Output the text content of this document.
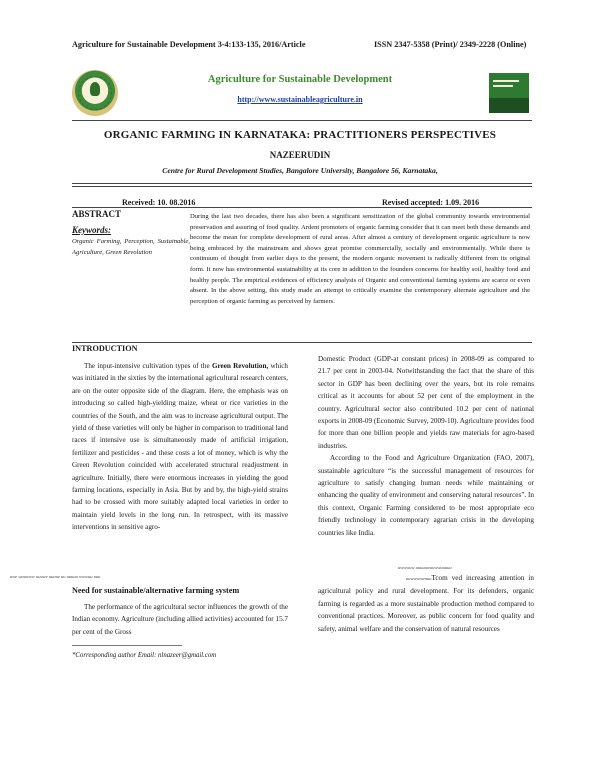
Agriculture for Sustainable Development 3-4:133-135, 2016/Article	ISSN 2347-5358 (Print)/ 2349-2228 (Online)
Agriculture for Sustainable Development
http://www.sustainableagriculture.in
ORGANIC FARMING IN KARNATAKA: PRACTITIONERS PERSPECTIVES
NAZEERUDIN
Centre for Rural Development Studies, Bangalore University, Bangalore 56, Karnataka,
Received: 10. 08.2016	Revised accepted: 1.09. 2016
ABSTRACT
Keywords:
Organic Farming, Perception, Sustainable, Agriculture, Green Revolution
During the last two decades, there has also been a significant sensitization of the global community towards environmental preservation and assuring of food quality. Ardent promoters of organic farming consider that it can meet both these demands and become the mean for complete development of rural areas. After almost a century of development organic agriculture is now being embraced by the mainstream and shows great promise commercially, socially and environmentally. While there is continuum of thought from earlier days to the present, the modern organic movement is radically different from its original form. It now has environmental sustainability at its core in addition to the founders concerns for healthy soil, healthy food and healthy people. The empirical evidences of efficiency analysis of Organic and conventional farming systems are scarce or even absent. In the above setting, this study made an attempt to critically examine the contemporary alternate agriculture and the perception of organic farming as perceived by farmers.
INTRODUCTION

The input-intensive cultivation types of the Green Revolution, which was initiated in the sixties by the international agricultural research centers, are on the outer opposite side of the diagram. Here, the emphasis was on introducing so called high-yielding maize, wheat or rice varieties in the countries of the South, and the aim was to increase agricultural output. The yield of these varieties will only be higher in comparison to traditional land races if intensive use is simultaneously made of artificial irrigation, fertilizer and pesticides - and these costs a lot of money, which is why the Green Revolution coincided with accelerated structural readjustment in agriculture. Initially, there were enormous increases in yielding the good farming locations, especially in Asia. But by and by, the high-yield strains had to be crossed with more suitably adapted local varieties in order to maintain yield levels in the long run. In retrospect, with its massive interventions in sensitive agro-

uwe wauwww uuuwe uuuue uu uuuuu wwwuu uuu
Need for sustainable/alternative farming system

The performance of the agricultural sector influences the growth of the Indian economy. Agriculture (including allied activities) accounted for 15.7 per cent of the Gross

Domestic Product (GDP-at constant prices) in 2008-09 as compared to 21.7 per cent in 2003-04. Notwithstanding the fact that the share of this sector in GDP has been declining over the years, but its role remains critical as it accounts for about 52 per cent of the employment in the country. Agricultural sector also contributed 10.2 per cent of national exports in 2008-09 (Economic Survey, 2009-10). Agriculture provides food for more than one billion people and yields raw materials for agro-based industries.

According to the Food and Agriculture Organization (FAO, 2007), sustainable agriculture “is the successful management of resources for agriculture to satisfy changing human needs while maintaining or enhancing the quality of environment and conserving natural resources”. In this context, Organic Farming considered to be most appropriate eco friendly technology in contemporary agrarian crisis in the developing countries like India.

uwwwuw uuuuuwuuwwuuuuu

uuwwwuwnuuTcom ved increasing attention in agricultural policy and rural development. For its defenders, organic farming is regarded as a more sustainable production method compared to conventional practices. Moreover, as public concern for food quality and safety, animal welfare and the conservation of natural resources

*Corresponding author Email: nlnazeer@gmail.com
